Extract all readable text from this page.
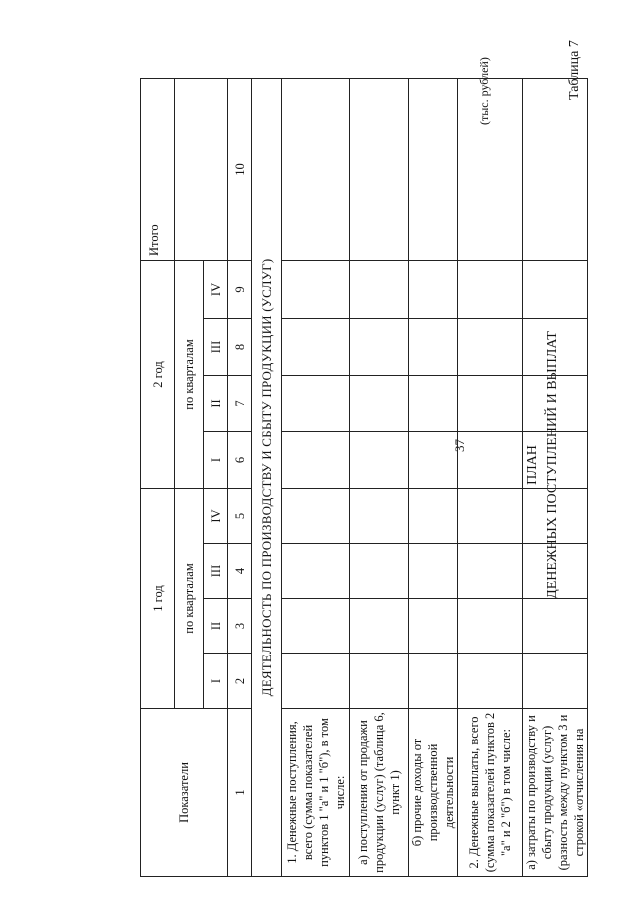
37
Таблица 7
ПЛАН ДЕНЕЖНЫХ ПОСТУПЛЕНИЙ И ВЫПЛАТ
(тыс. рублей)
Показатели	1 год				2 год				Итого
	по кварталам				по кварталам				
	I	II	III	IV	I	II	III	IV	
1	2	3	4	5	6	7	8	9	10
ДЕЯТЕЛЬНОСТЬ ПО ПРОИЗВОДСТВУ И СБЫТУ ПРОДУКЦИИ (УСЛУГ)									
1. Денежные поступления, всего (сумма показателей пунктов 1 "а" и 1 "б"), в том числе:									
а) поступления от продажи продукции (услуг) (таблица 6, пункт 1)									
б) прочие доходы от производственной деятельности									
2. Денежные выплаты, всего (сумма показателей пунктов 2 "а" и 2 "б") в том числе:									
а) затраты по производству и сбыту продукции (услуг) (разность между пунктом 3 и строкой «отчисления на									
